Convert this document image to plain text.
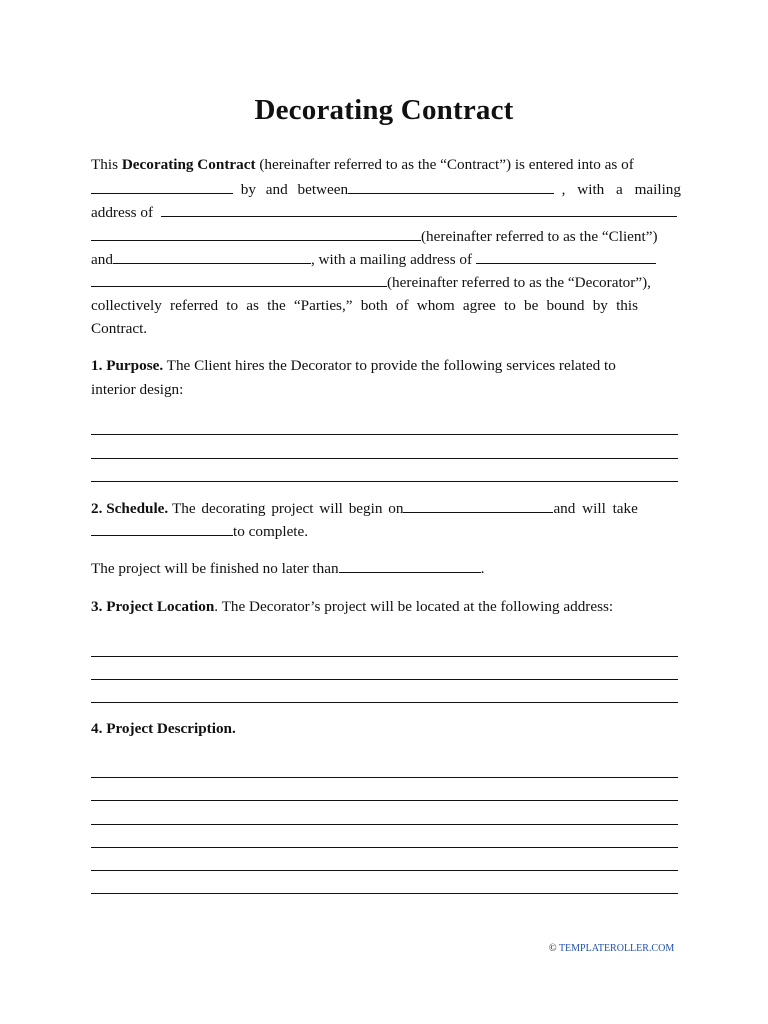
Decorating Contract
This Decorating Contract (hereinafter referred to as the “Contract”) is entered into as of
by and between	, with a mailing
address of
(hereinafter referred to as the “Client”)
and	, with a mailing address of
(hereinafter referred to as the “Decorator”),
collectively referred to as the “Parties,” both of whom agree to be bound by this
Contract.
1. Purpose. The Client hires the Decorator to provide the following services related to
interior design:
2. Schedule. The decorating project will begin on	and will take
to complete.
The project will be finished no later than	.
3. Project Location. The Decorator’s project will be located at the following address:
4. Project Description.
© TEMPLATEROLLER.COM
